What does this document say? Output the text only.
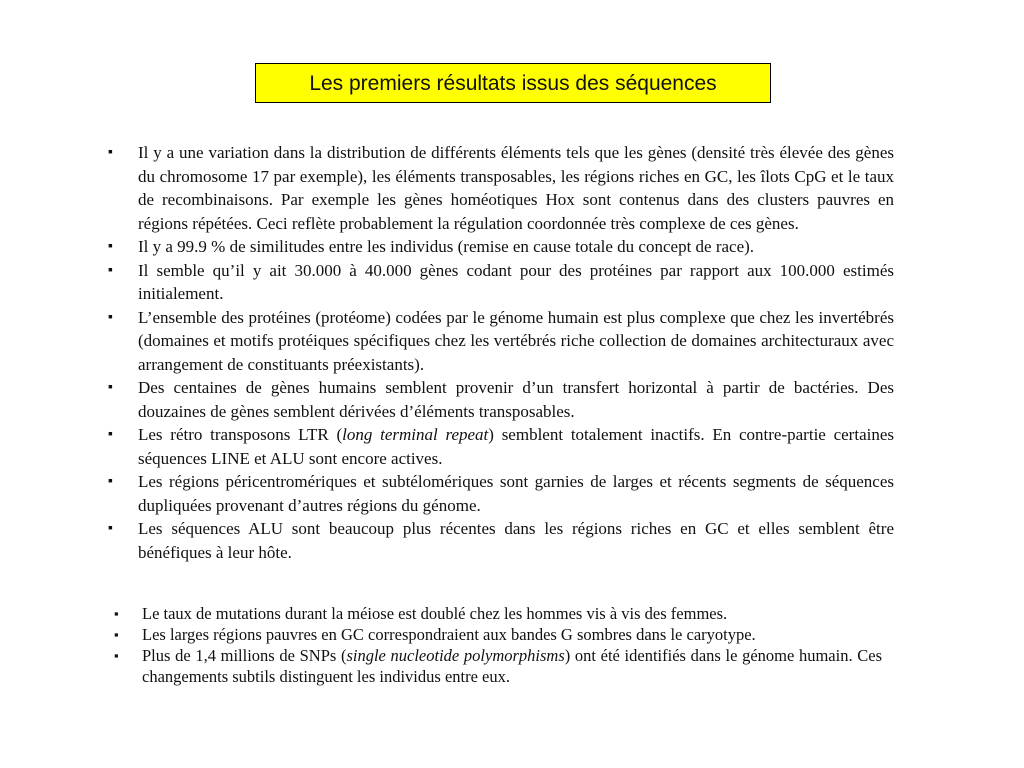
Les premiers résultats issus des séquences
▪ Il y a une variation dans la distribution de différents éléments tels que les gènes (densité très élevée des gènes du chromosome 17 par exemple), les éléments transposables, les régions riches en GC, les îlots CpG et le taux de recombinaisons. Par exemple les gènes homéotiques Hox sont contenus dans des clusters pauvres en régions répétées. Ceci reflète probablement la régulation coordonnée très complexe de ces gènes.
▪ Il y a 99.9 % de similitudes entre les individus (remise en cause totale du concept de race).
▪ Il semble qu’il y ait 30.000 à 40.000 gènes codant pour des protéines par rapport aux 100.000 estimés initialement.
▪ L’ensemble des protéines (protéome) codées par le génome humain est plus complexe que chez les invertébrés (domaines et motifs protéiques spécifiques chez les vertébrés riche collection de domaines architecturaux avec arrangement de constituants préexistants).
▪ Des centaines de gènes humains semblent provenir d’un transfert horizontal à partir de bactéries. Des douzaines de gènes semblent dérivées d’éléments transposables.
▪ Les rétro transposons LTR (long terminal repeat) semblent totalement inactifs. En contre-partie certaines séquences LINE et ALU sont encore actives.
▪ Les régions péricentromériques et subtélomériques sont garnies de larges et récents segments de séquences dupliquées provenant d’autres régions du génome.
▪ Les séquences ALU sont beaucoup plus récentes dans les régions riches en GC et elles semblent être bénéfiques à leur hôte.
▪ Le taux de mutations durant la méiose est doublé chez les hommes vis à vis des femmes.
▪ Les larges régions pauvres en GC correspondraient aux bandes G sombres dans le caryotype.
▪ Plus de 1,4 millions de SNPs (single nucleotide polymorphisms) ont été identifiés dans le génome humain. Ces changements subtils distinguent les individus entre eux.
